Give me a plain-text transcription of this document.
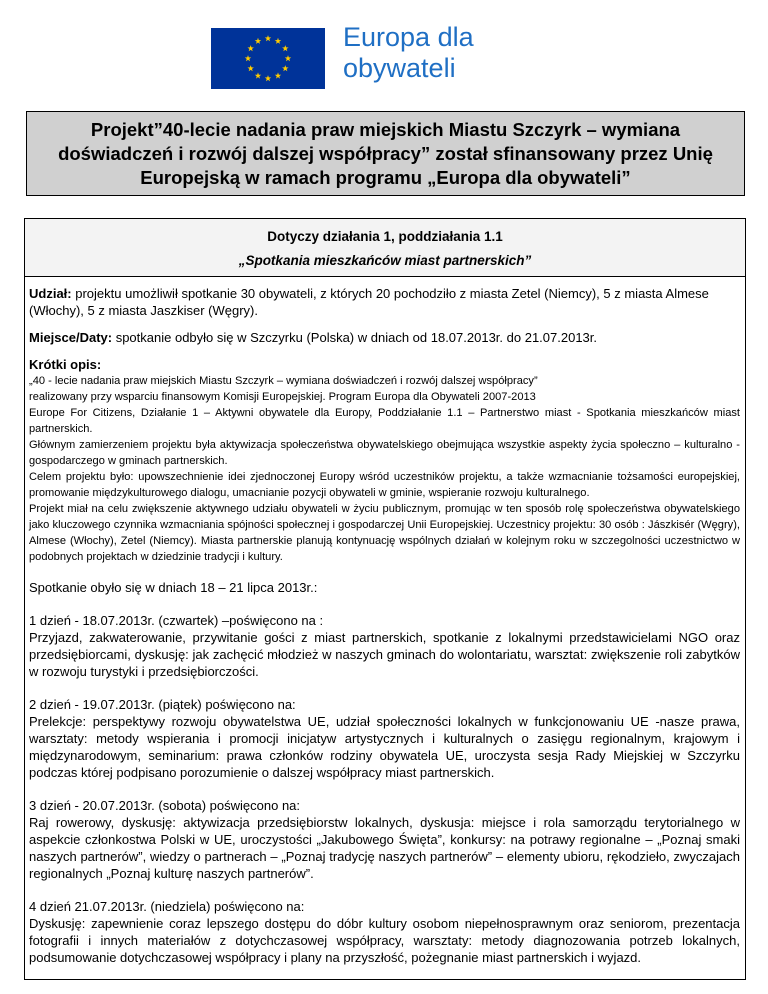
Europa dla
obywateli
Projekt”40-lecie nadania praw miejskich Miastu Szczyrk – wymiana doświadczeń i rozwój dalszej współpracy” został sfinansowany przez Unię Europejską w ramach programu „Europa dla obywateli”
Dotyczy działania 1, poddziałania 1.1
„Spotkania mieszkańców miast partnerskich”

Udział: projektu umożliwił spotkanie 30 obywateli, z których 20 pochodziło z miasta Zetel (Niemcy), 5 z miasta Almese (Włochy), 5 z miasta Jaszkiser (Węgry).

Miejsce/Daty: spotkanie odbyło się w Szczyrku (Polska) w dniach od 18.07.2013r. do 21.07.2013r.

Krótki opis:
„40 - lecie nadania praw miejskich Miastu Szczyrk – wymiana doświadczeń i rozwój dalszej współpracy”
realizowany przy wsparciu finansowym Komisji Europejskiej. Program Europa dla Obywateli 2007-2013
Europe For Citizens, Działanie 1 – Aktywni obywatele dla Europy, Poddziałanie 1.1 – Partnerstwo miast - Spotkania mieszkańców miast partnerskich.
Głównym zamierzeniem projektu była aktywizacja społeczeństwa obywatelskiego obejmująca wszystkie aspekty życia społeczno – kulturalno - gospodarczego w gminach partnerskich.
Celem projektu było: upowszechnienie idei zjednoczonej Europy wśród uczestników projektu, a także wzmacnianie tożsamości europejskiej, promowanie międzykulturowego dialogu, umacnianie pozycji obywateli w gminie, wspieranie rozwoju kulturalnego.
Projekt miał na celu zwiększenie aktywnego udziału obywateli w życiu publicznym, promując w ten sposób rolę społeczeństwa obywatelskiego jako kluczowego czynnika wzmacniania spójności społecznej i gospodarczej Unii Europejskiej. Uczestnicy projektu: 30 osób : Jászkisér (Węgry), Almese (Włochy), Zetel (Niemcy). Miasta partnerskie planują kontynuację wspólnych działań w kolejnym roku w szczegolności uczestnictwo w podobnych projektach w dziedzinie tradycji i kultury.

Spotkanie obyło się w dniach 18 – 21 lipca 2013r.:

1 dzień - 18.07.2013r. (czwartek) –poświęcono na :
Przyjazd, zakwaterowanie, przywitanie gości z miast partnerskich, spotkanie z lokalnymi przedstawicielami NGO oraz przedsiębiorcami, dyskusję: jak zachęcić młodzież w naszych gminach do wolontariatu, warsztat: zwiększenie roli zabytków w rozwoju turystyki i przedsiębiorczości.

2 dzień - 19.07.2013r. (piątek) poświęcono na:
Prelekcje: perspektywy rozwoju obywatelstwa UE, udział społeczności lokalnych w funkcjonowaniu UE -nasze prawa, warsztaty: metody wspierania i promocji inicjatyw artystycznych i kulturalnych o zasięgu regionalnym, krajowym i międzynarodowym, seminarium: prawa członków rodziny obywatela UE, uroczysta sesja Rady Miejskiej w Szczyrku podczas której podpisano porozumienie o dalszej współpracy miast partnerskich.

3 dzień - 20.07.2013r. (sobota) poświęcono na:
Raj rowerowy, dyskusję: aktywizacja przedsiębiorstw lokalnych, dyskusja: miejsce i rola samorządu terytorialnego w aspekcie członkostwa Polski w UE, uroczystości „Jakubowego Święta”, konkursy: na potrawy regionalne – „Poznaj smaki naszych partnerów”, wiedzy o partnerach – „Poznaj tradycję naszych partnerów” – elementy ubioru, rękodzieło, zwyczajach regionalnych „Poznaj kulturę naszych partnerów”.

4 dzień 21.07.2013r. (niedziela) poświęcono na:
Dyskusję: zapewnienie coraz lepszego dostępu do dóbr kultury osobom niepełnosprawnym oraz seniorom, prezentacja fotografii i innych materiałów z dotychczasowej współpracy, warsztaty: metody diagnozowania potrzeb lokalnych, podsumowanie dotychczasowej współpracy i plany na przyszłość, pożegnanie miast partnerskich i wyjazd.
